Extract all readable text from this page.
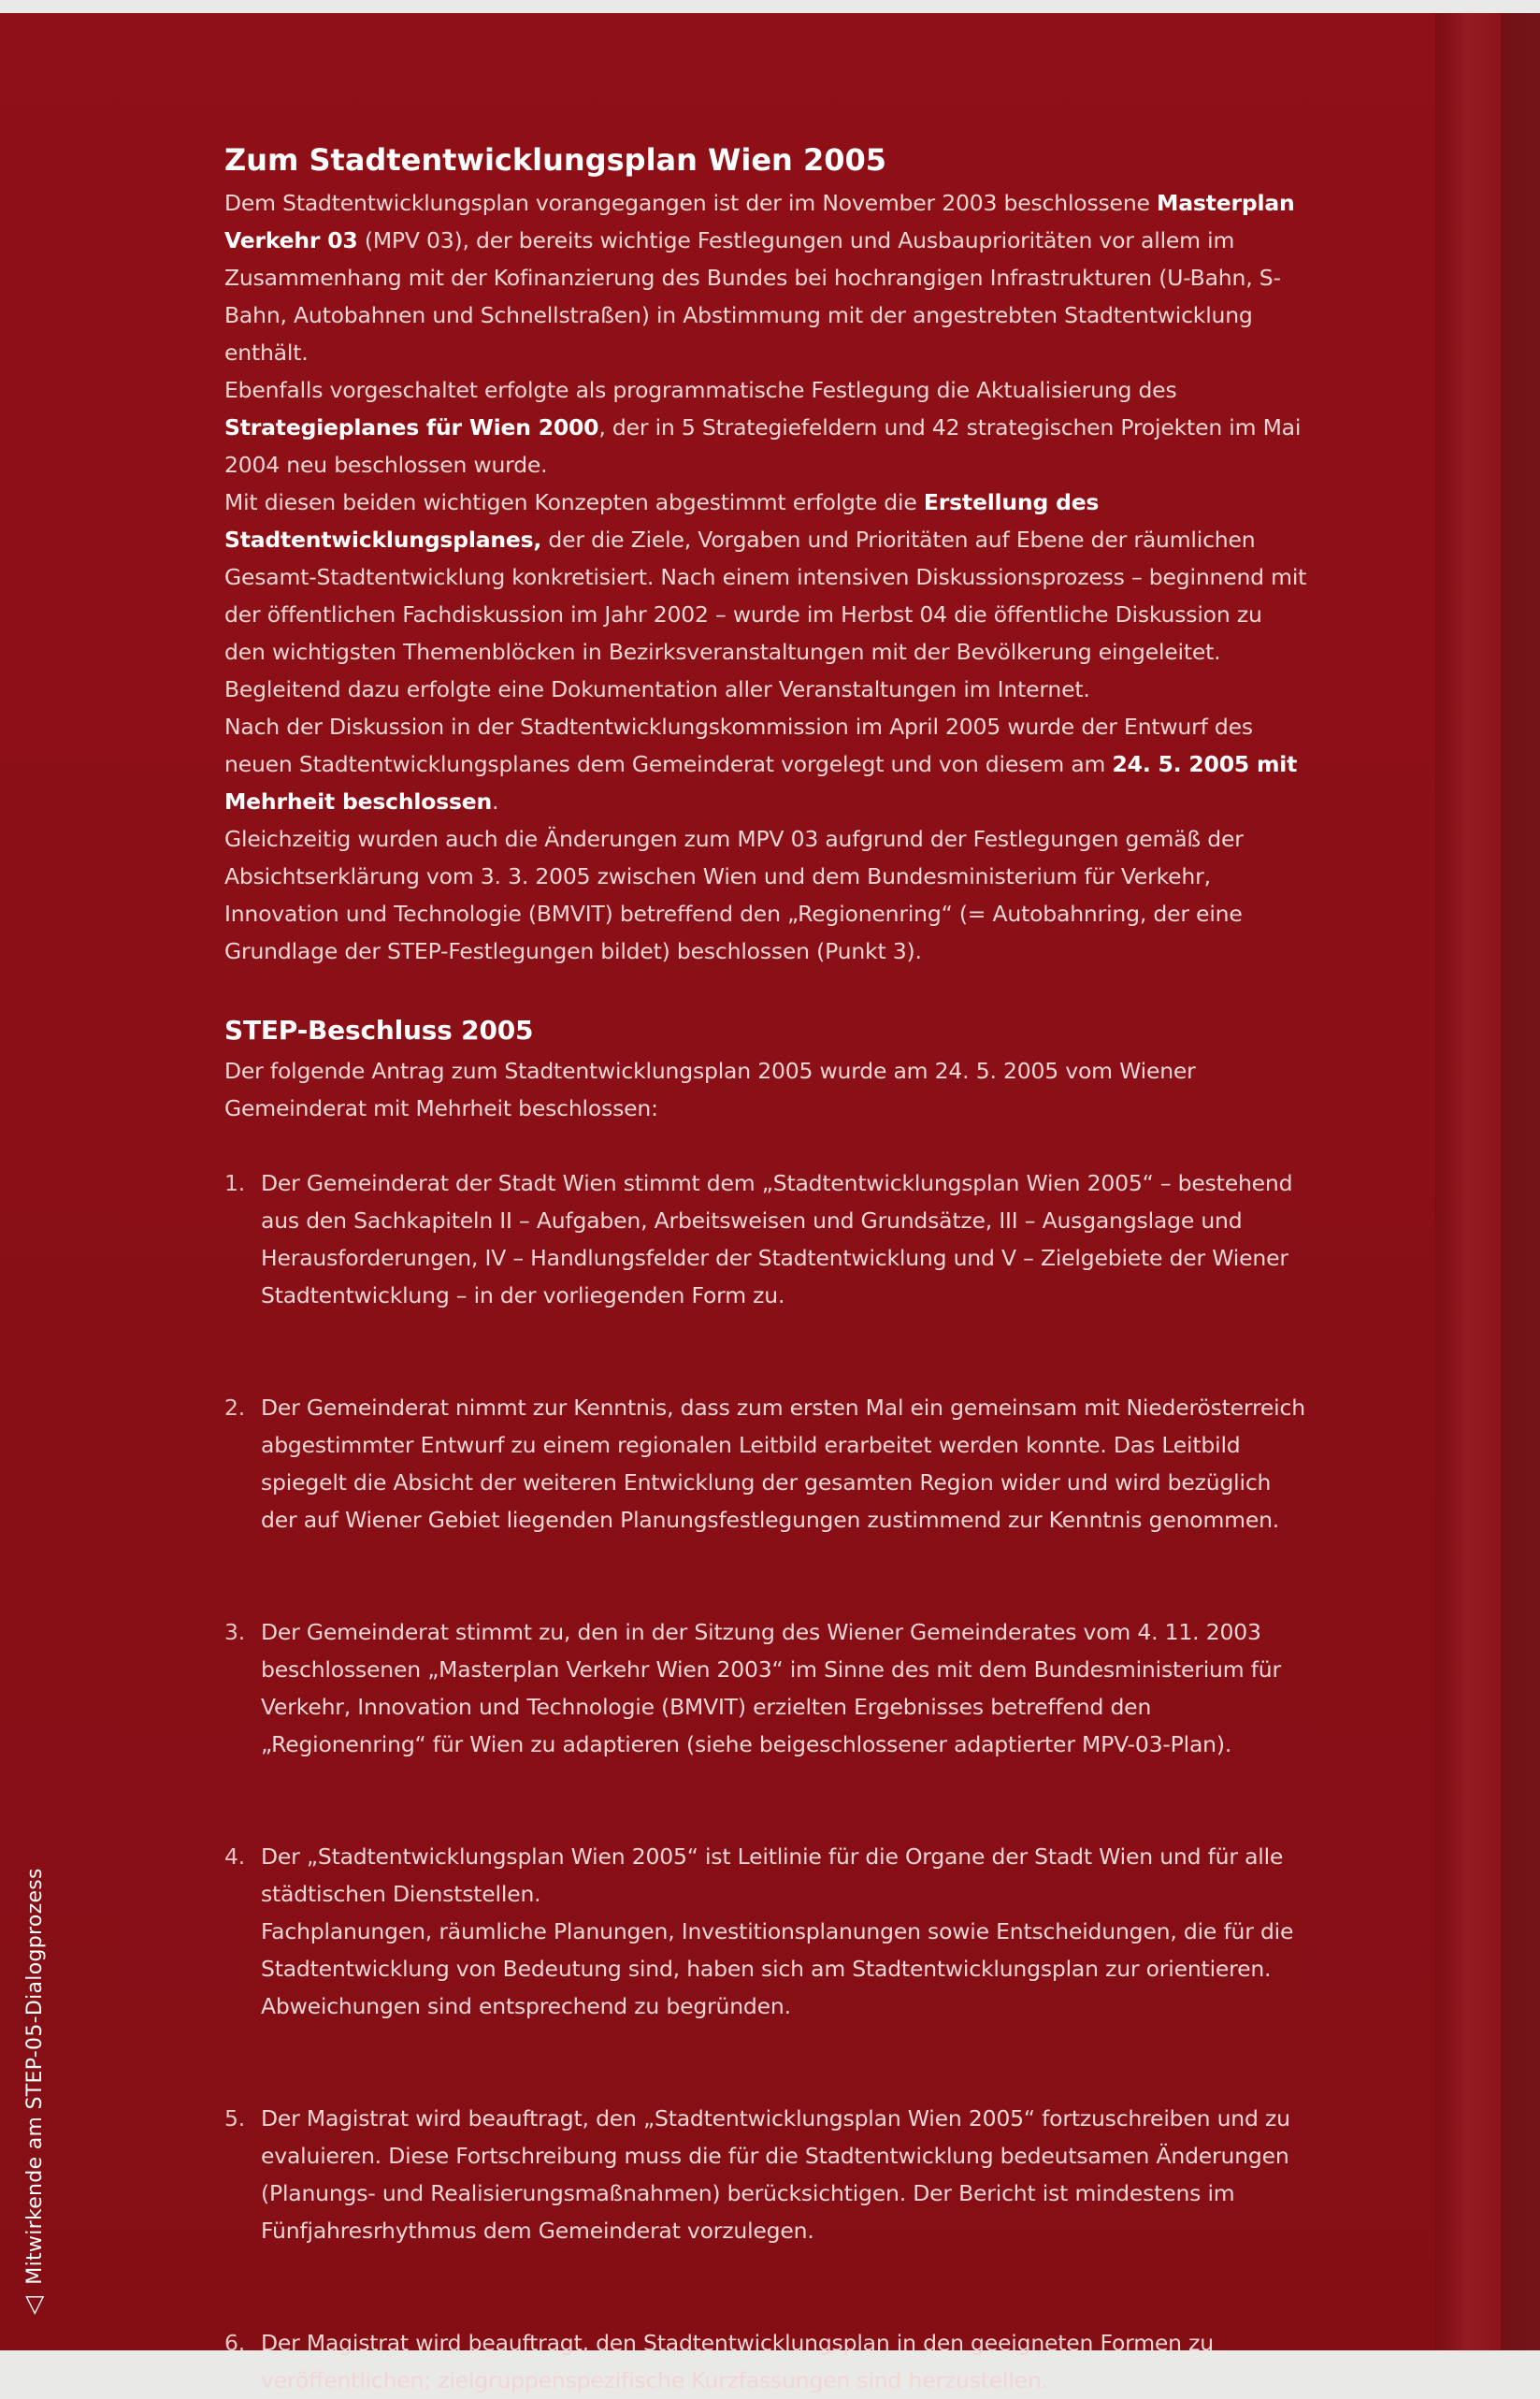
Zum Stadtentwicklungsplan Wien 2005

Dem Stadtentwicklungsplan vorangegangen ist der im November 2003 beschlossene Masterplan Verkehr 03 (MPV 03), der bereits wichtige Festlegungen und Ausbauprioritäten vor allem im Zusammenhang mit der Kofinanzierung des Bundes bei hochrangigen Infrastrukturen (U-Bahn, S-Bahn, Autobahnen und Schnellstraßen) in Abstimmung mit der angestrebten Stadtentwicklung enthält.

Ebenfalls vorgeschaltet erfolgte als programmatische Festlegung die Aktualisierung des Strategieplanes für Wien 2000, der in 5 Strategiefeldern und 42 strategischen Projekten im Mai 2004 neu beschlossen wurde.

Mit diesen beiden wichtigen Konzepten abgestimmt erfolgte die Erstellung des Stadtentwicklungsplanes, der die Ziele, Vorgaben und Prioritäten auf Ebene der räumlichen Gesamt-Stadtentwicklung konkretisiert. Nach einem intensiven Diskussionsprozess – beginnend mit der öffentlichen Fachdiskussion im Jahr 2002 – wurde im Herbst 04 die öffentliche Diskussion zu den wichtigsten Themenblöcken in Bezirksveranstaltungen mit der Bevölkerung eingeleitet. Begleitend dazu erfolgte eine Dokumentation aller Veranstaltungen im Internet.

Nach der Diskussion in der Stadtentwicklungskommission im April 2005 wurde der Entwurf des neuen Stadtentwicklungsplanes dem Gemeinderat vorgelegt und von diesem am 24. 5. 2005 mit Mehrheit beschlossen.

Gleichzeitig wurden auch die Änderungen zum MPV 03 aufgrund der Festlegungen gemäß der Absichtserklärung vom 3. 3. 2005 zwischen Wien und dem Bundesministerium für Verkehr, Innovation und Technologie (BMVIT) betreffend den „Regionenring“ (= Autobahnring, der eine Grundlage der STEP-Festlegungen bildet) beschlossen (Punkt 3).

STEP-Beschluss 2005

Der folgende Antrag zum Stadtentwicklungsplan 2005 wurde am 24. 5. 2005 vom Wiener Gemeinderat mit Mehrheit beschlossen:

1. Der Gemeinderat der Stadt Wien stimmt dem „Stadtentwicklungsplan Wien 2005“ – bestehend aus den Sachkapiteln II – Aufgaben, Arbeitsweisen und Grundsätze, III – Ausgangslage und Herausforderungen, IV – Handlungsfelder der Stadtentwicklung und V – Zielgebiete der Wiener Stadtentwicklung – in der vorliegenden Form zu.
2. Der Gemeinderat nimmt zur Kenntnis, dass zum ersten Mal ein gemeinsam mit Niederösterreich abgestimmter Entwurf zu einem regionalen Leitbild erarbeitet werden konnte. Das Leitbild spiegelt die Absicht der weiteren Entwicklung der gesamten Region wider und wird bezüglich der auf Wiener Gebiet liegenden Planungsfestlegungen zustimmend zur Kenntnis genommen.
3. Der Gemeinderat stimmt zu, den in der Sitzung des Wiener Gemeinderates vom 4. 11. 2003 beschlossenen „Masterplan Verkehr Wien 2003“ im Sinne des mit dem Bundesministerium für Verkehr, Innovation und Technologie (BMVIT) erzielten Ergebnisses betreffend den „Regionenring“ für Wien zu adaptieren (siehe beigeschlossener adaptierter MPV-03-Plan).
4. Der „Stadtentwicklungsplan Wien 2005“ ist Leitlinie für die Organe der Stadt Wien und für alle städtischen Dienststellen.
Fachplanungen, räumliche Planungen, Investitionsplanungen sowie Entscheidungen, die für die Stadtentwicklung von Bedeutung sind, haben sich am Stadtentwicklungsplan zur orientieren. Abweichungen sind entsprechend zu begründen.
5. Der Magistrat wird beauftragt, den „Stadtentwicklungsplan Wien 2005“ fortzuschreiben und zu evaluieren. Diese Fortschreibung muss die für die Stadtentwicklung bedeutsamen Änderungen (Planungs- und Realisierungsmaßnahmen) berücksichtigen. Der Bericht ist mindestens im Fünfjahresrhythmus dem Gemeinderat vorzulegen.
6. Der Magistrat wird beauftragt, den Stadtentwicklungsplan in den geeigneten Formen zu veröffentlichen; zielgruppenspezifische Kurzfassungen sind herzustellen.
◁Mitwirkende am STEP-05-Dialogprozess
